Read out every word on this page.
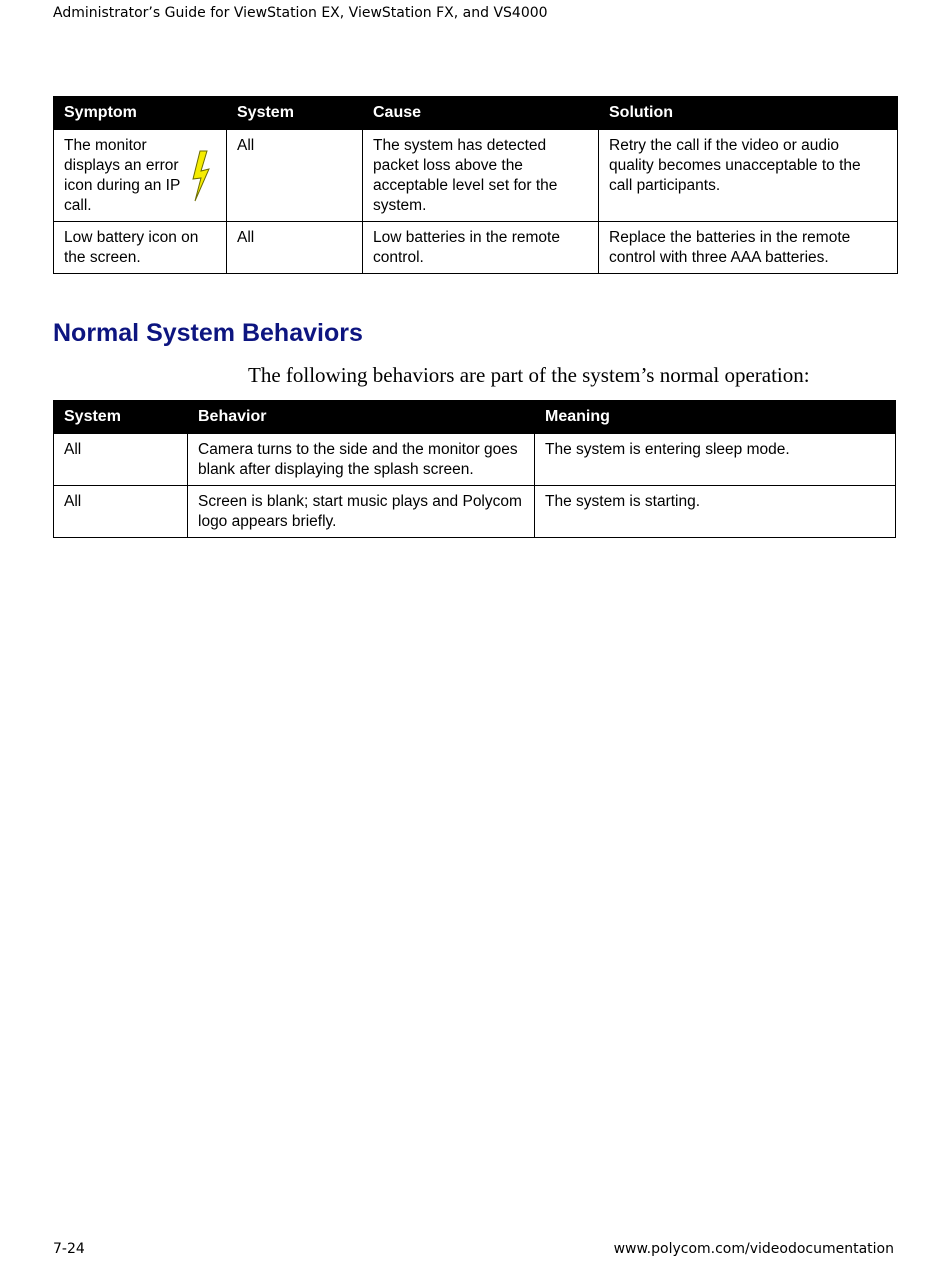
Administrator’s Guide for ViewStation EX, ViewStation FX, and VS4000
Symptom	System	Cause	Solution
The monitor displays an error icon during an IP call.	All	The system has detected packet loss above the acceptable level set for the system.	Retry the call if the video or audio quality becomes unacceptable to the call participants.
Low battery icon on the screen.	All	Low batteries in the remote control.	Replace the batteries in the remote control with three AAA batteries.
Normal System Behaviors

The following behaviors are part of the system’s normal operation:

System	Behavior	Meaning
All	Camera turns to the side and the monitor goes blank after displaying the splash screen.	The system is entering sleep mode.
All	Screen is blank; start music plays and Polycom logo appears briefly.	The system is starting.
7-24	www.polycom.com/videodocumentation
